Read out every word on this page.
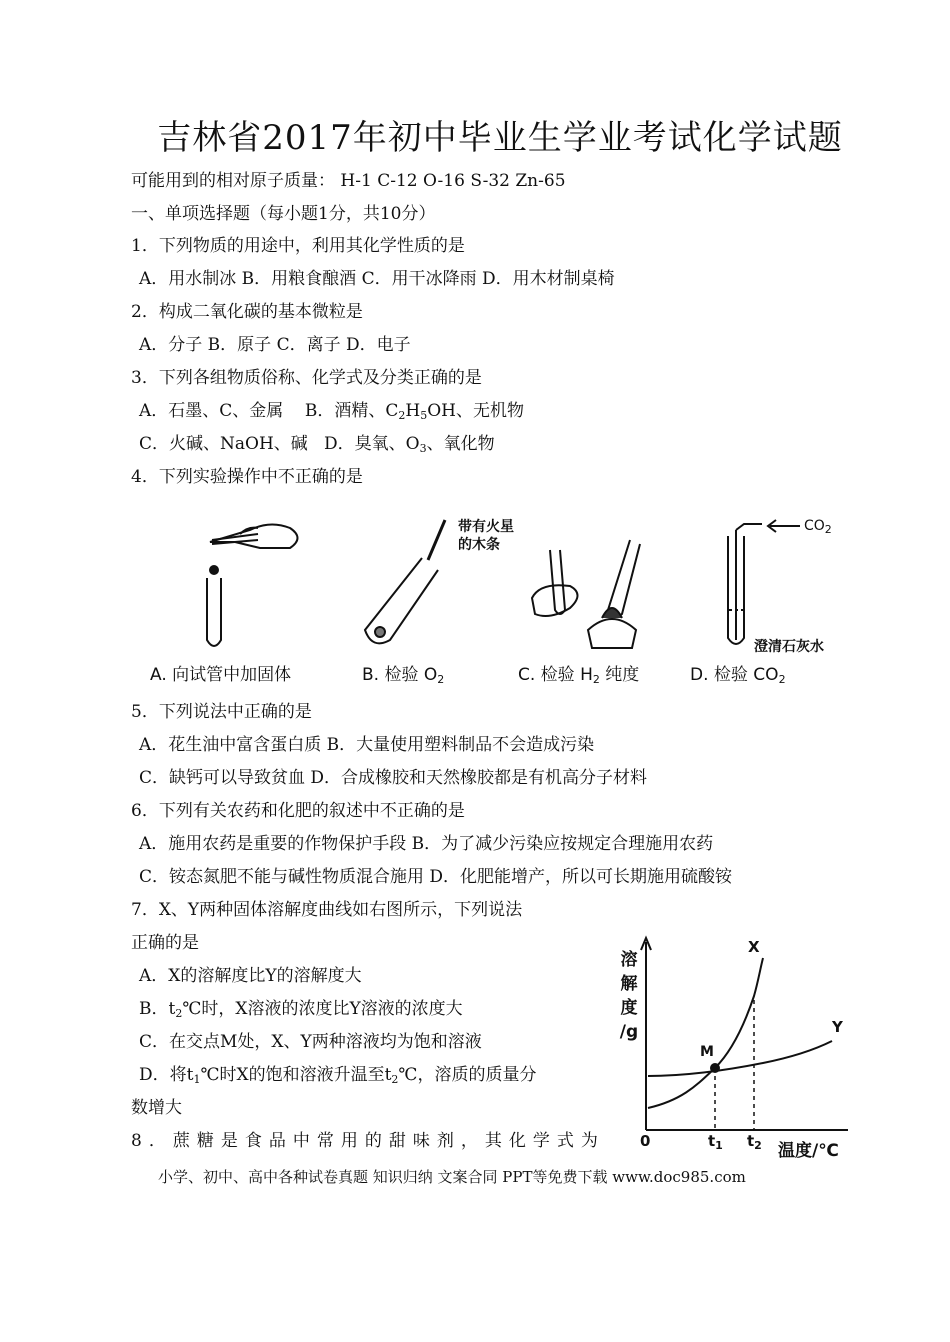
吉林省2017年初中毕业生学业考试化学试题
可能用到的相对原子质量： H-1 C-12 O-16 S-32 Zn-65
一、单项选择题（每小题1分，共10分）
1．下列物质的用途中，利用其化学性质的是
A．用水制冰 B．用粮食酿酒 C．用干冰降雨 D．用木材制桌椅
2．构成二氧化碳的基本微粒是
A．分子 B．原子 C．离子 D．电子
3．下列各组物质俗称、化学式及分类正确的是
A．石墨、C、金属 B．酒精、$C_2H_5OH$、无机物
C．火碱、NaOH、碱 D．臭氧、$O_3$、氧化物
4．下列实验操作中不正确的是
带有火星
的木条
$CO_2$
澄清石灰水
A. 向试管中加固体	B. 检验 $O_2$	C. 检验 $H_2$ 纯度	D. 检验 $CO_2$
5．下列说法中正确的是
A．花生油中富含蛋白质 B．大量使用塑料制品不会造成污染
C．缺钙可以导致贫血 D．合成橡胶和天然橡胶都是有机高分子材料
6．下列有关农药和化肥的叙述中不正确的是
A．施用农药是重要的作物保护手段 B．为了减少污染应按规定合理施用农药
C．铵态氮肥不能与碱性物质混合施用 D．化肥能增产，所以可长期施用硫酸铵
7．X、Y两种固体溶解度曲线如右图所示，下列说法
正确的是
A．X的溶解度比Y的溶解度大
B．$t_2℃$时，X溶液的浓度比Y溶液的浓度大
C．在交点M处，X、Y两种溶液均为饱和溶液
D．将$t_1℃$时X的饱和溶液升温至$t_2℃$，溶质的质量分
数增大
8．蔗糖是食品中常用的甜味剂，其化学式为
溶
解
度
/g
温度/℃
0	$t_1$ $t_2$
X
Y
M
小学、初中、高中各种试卷真题 知识归纳 文案合同 PPT等免费下载 www.doc985.com
